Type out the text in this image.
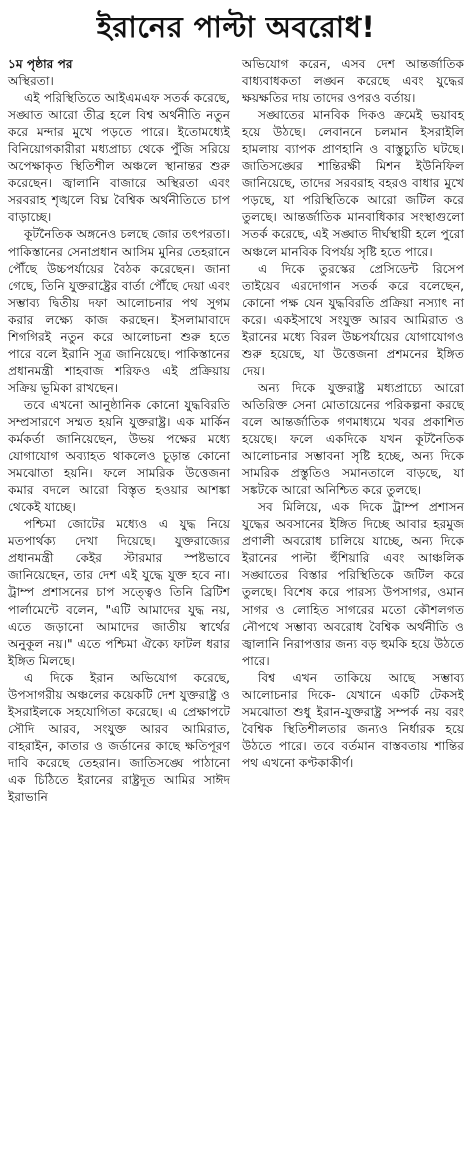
ইরানের পাল্টা অবরোধ!

১ম পৃষ্ঠার পর

অস্থিরতা।

এই পরিস্থিতিতে আইএমএফ সতর্ক করেছে, সঙ্ঘাত আরো তীব্র হলে বিশ্ব অর্থনীতি নতুন করে মন্দার মুখে পড়তে পারে। ইতোমধ্যেই বিনিয়োগকারীরা মধ্যপ্রাচ্য থেকে পুঁজি সরিয়ে অপেক্ষাকৃত স্থিতিশীল অঞ্চলে স্থানান্তর শুরু করেছেন। জ্বালানি বাজারে অস্থিরতা এবং সরবরাহ শৃঙ্খলে বিঘ্ন বৈশ্বিক অর্থনীতিতে চাপ বাড়াচ্ছে।

কূটনৈতিক অঙ্গনেও চলছে জোর তৎপরতা। পাকিস্তানের সেনাপ্রধান আসিম মুনির তেহরানে পৌঁছে উচ্চপর্যায়ের বৈঠক করেছেন। জানা গেছে, তিনি যুক্তরাষ্ট্রের বার্তা পৌঁছে দেয়া এবং সম্ভাব্য দ্বিতীয় দফা আলোচনার পথ সুগম করার লক্ষ্যে কাজ করছেন। ইসলামাবাদে শিগগিরই নতুন করে আলোচনা শুরু হতে পারে বলে ইরানি সূত্র জানিয়েছে। পাকিস্তানের প্রধানমন্ত্রী শাহবাজ শরিফও এই প্রক্রিয়ায় সক্রিয় ভূমিকা রাখছেন।

তবে এখনো আনুষ্ঠানিক কোনো যুদ্ধবিরতি সম্প্রসারণে সম্মত হয়নি যুক্তরাষ্ট্র। এক মার্কিন কর্মকর্তা জানিয়েছেন, উভয় পক্ষের মধ্যে যোগাযোগ অব্যাহত থাকলেও চূড়ান্ত কোনো সমঝোতা হয়নি। ফলে সামরিক উত্তেজনা কমার বদলে আরো বিস্তৃত হওয়ার আশঙ্কা থেকেই যাচ্ছে।

পশ্চিমা জোটের মধ্যেও এ যুদ্ধ নিয়ে মতপার্থক্য দেখা দিয়েছে। যুক্তরাজ্যের প্রধানমন্ত্রী কেইর স্টারমার স্পষ্টভাবে জানিয়েছেন, তার দেশ এই যুদ্ধে যুক্ত হবে না। ট্রাম্প প্রশাসনের চাপ সত্ত্বেও তিনি ব্রিটিশ পার্লামেন্টে বলেন, "এটি আমাদের যুদ্ধ নয়, এতে জড়ানো আমাদের জাতীয় স্বার্থের অনুকূল নয়।" এতে পশ্চিমা ঐক্যে ফাটল ধরার ইঙ্গিত মিলছে।

এ দিকে ইরান অভিযোগ করেছে, উপসাগরীয় অঞ্চলের কয়েকটি দেশ যুক্তরাষ্ট্র ও ইসরাইলকে সহযোগিতা করেছে। এ প্রেক্ষাপটে সৌদি আরব, সংযুক্ত আরব আমিরাত, বাহরাইন, কাতার ও জর্ডানের কাছে ক্ষতিপূরণ দাবি করেছে তেহরান। জাতিসঙ্ঘে পাঠানো এক চিঠিতে ইরানের রাষ্ট্রদূত আমির সাঈদ ইরাভানি

অভিযোগ করেন, এসব দেশ আন্তর্জাতিক বাধ্যবাধকতা লঙ্ঘন করেছে এবং যুদ্ধের ক্ষয়ক্ষতির দায় তাদের ওপরও বর্তায়।

সঙ্ঘাতের মানবিক দিকও ক্রমেই ভয়াবহ হয়ে উঠছে। লেবাননে চলমান ইসরাইলি হামলায় ব্যাপক প্রাণহানি ও বাস্তুচ্যুতি ঘটছে। জাতিসঙ্ঘের শান্তিরক্ষী মিশন ইউনিফিল জানিয়েছে, তাদের সরবরাহ বহরও বাধার মুখে পড়ছে, যা পরিস্থিতিকে আরো জটিল করে তুলছে। আন্তর্জাতিক মানবাধিকার সংস্থাগুলো সতর্ক করেছে, এই সঙ্ঘাত দীর্ঘস্থায়ী হলে পুরো অঞ্চলে মানবিক বিপর্যয় সৃষ্টি হতে পারে।

এ দিকে তুরস্কের প্রেসিডেন্ট রিসেপ তাইয়েব এরদোগান সতর্ক করে বলেছেন, কোনো পক্ষ যেন যুদ্ধবিরতি প্রক্রিয়া নস্যাৎ না করে। একইসাথে সংযুক্ত আরব আমিরাত ও ইরানের মধ্যে বিরল উচ্চপর্যায়ের যোগাযোগও শুরু হয়েছে, যা উত্তেজনা প্রশমনের ইঙ্গিত দেয়।

অন্য দিকে যুক্তরাষ্ট্র মধ্যপ্রাচ্যে আরো অতিরিক্ত সেনা মোতায়েনের পরিকল্পনা করছে বলে আন্তর্জাতিক গণমাধ্যমে খবর প্রকাশিত হয়েছে। ফলে একদিকে যখন কূটনৈতিক আলোচনার সম্ভাবনা সৃষ্টি হচ্ছে, অন্য দিকে সামরিক প্রস্তুতিও সমানতালে বাড়ছে, যা সঙ্কটকে আরো অনিশ্চিত করে তুলছে।

সব মিলিয়ে, এক দিকে ট্রাম্প প্রশাসন যুদ্ধের অবসানের ইঙ্গিত দিচ্ছে আবার হরমুজ প্রণালী অবরোধ চালিয়ে যাচ্ছে, অন্য দিকে ইরানের পাল্টা হুঁশিয়ারি এবং আঞ্চলিক সঙ্ঘাতের বিস্তার পরিস্থিতিকে জটিল করে তুলছে। বিশেষ করে পারস্য উপসাগর, ওমান সাগর ও লোহিত সাগরের মতো কৌশলগত নৌপথে সম্ভাব্য অবরোধ বৈশ্বিক অর্থনীতি ও জ্বালানি নিরাপত্তার জন্য বড় হুমকি হয়ে উঠতে পারে।

বিশ্ব এখন তাকিয়ে আছে সম্ভাব্য আলোচনার দিকে- যেখানে একটি টেকসই সমঝোতা শুধু ইরান-যুক্তরাষ্ট্র সম্পর্ক নয় বরং বৈশ্বিক স্থিতিশীলতার জন্যও নির্ধারক হয়ে উঠতে পারে। তবে বর্তমান বাস্তবতায় শান্তির পথ এখনো কণ্টকাকীর্ণ।
